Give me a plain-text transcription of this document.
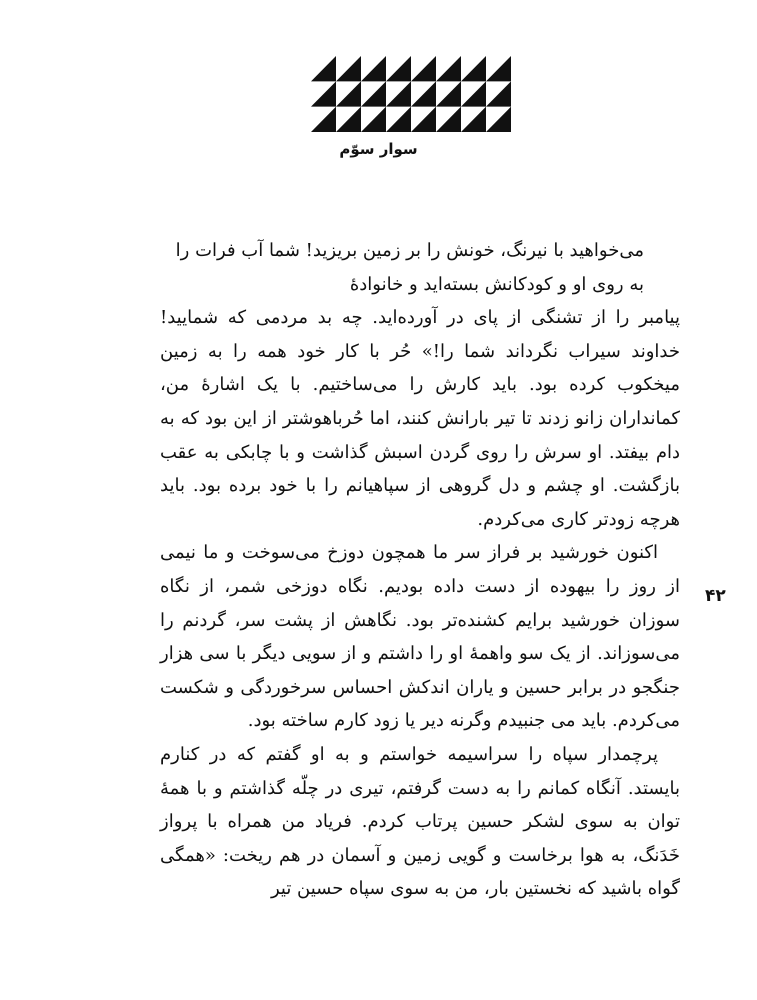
سوار سوّم

می‌خواهید با نیرنگ، خونش را بر زمین بریزید! شما آب فرات را به روی او و کودکانش بسته‌اید و خانوادهٔ

پیامبر را از تشنگی از پای در آورده‌اید. چه بد مردمی که شمایید! خداوند سیراب نگرداند شما را!» حُر با کار خود همه را به زمین میخکوب کرده بود. باید کارش را می‌ساختیم. با یک اشارهٔ من، کمانداران زانو زدند تا تیر بارانش کنند، اما حُرباهوشتر از این بود که به دام بیفتد. او سرش را روی گردن اسبش گذاشت و با چابکی به عقب بازگشت. او چشم و دل گروهی از سپاهیانم را با خود برده بود. باید هرچه زودتر کاری می‌کردم.

اکنون خورشید بر فراز سر ما همچون دوزخ می‌سوخت و ما نیمی از روز را بیهوده از دست داده بودیم. نگاه دوزخی شمر، از نگاه سوزان خورشید برایم کشنده‌تر بود. نگاهش از پشت سر، گردنم را می‌سوزاند. از یک سو واهمهٔ او را داشتم و از سویی دیگر با سی هزار جنگجو در برابر حسین و یاران اندکش احساس سرخوردگی و شکست می‌کردم. باید می جنبیدم وگرنه دیر یا زود کارم ساخته بود.

پرچمدار سپاه را سراسیمه خواستم و به او گفتم که در کنارم بایستد. آنگاه کمانم را به دست گرفتم، تیری در چلّه گذاشتم و با همهٔ توان به سوی لشکر حسین پرتاب کردم. فریاد من همراه با پرواز خَدَنگ، به هوا برخاست و گویی زمین و آسمان در هم ریخت: «همگی گواه باشید که نخستین بار، من به سوی سپاه حسین تیر

۴۲
